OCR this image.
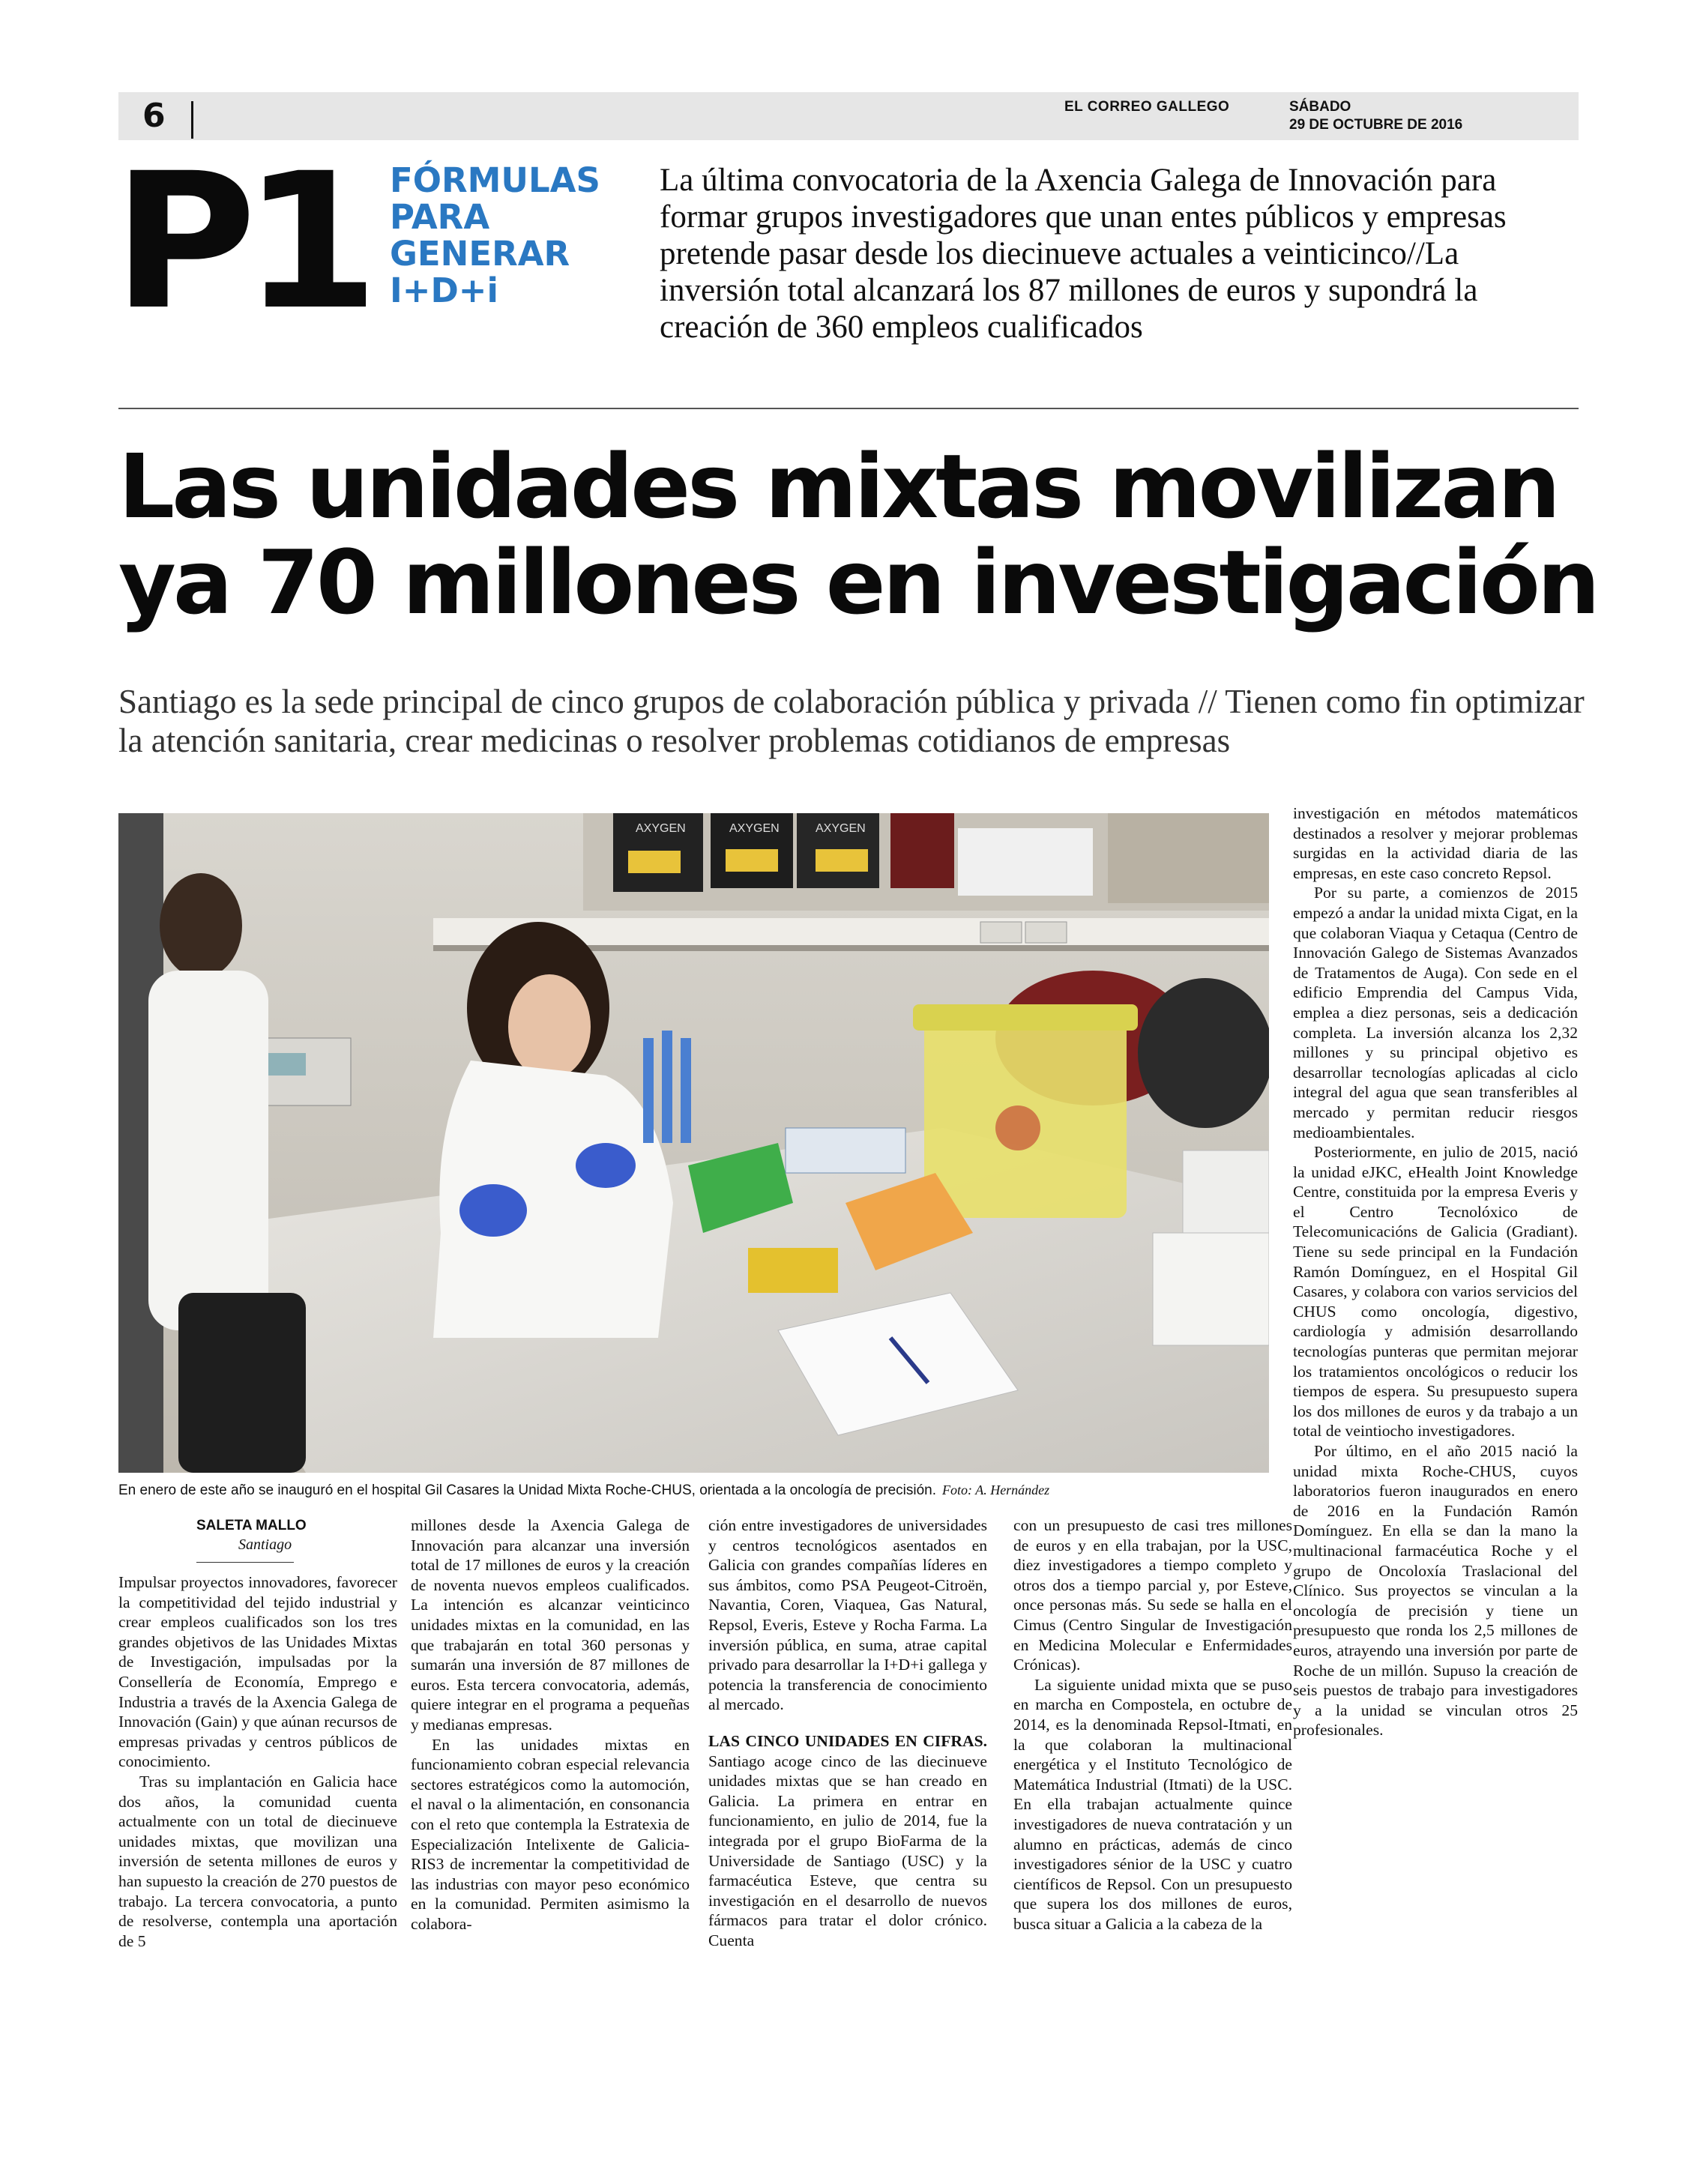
6	EL CORREO GALLEGO	SÁBADO
29 DE OCTUBRE DE 2016
P1 FÓRMULAS
PARA
GENERAR
I+D+i
La última convocatoria de la Axencia Galega de Innovación para formar grupos investigadores que unan entes públicos y empresas pretende pasar desde los diecinueve actuales a veinticinco//La inversión total alcanzará los 87 millones de euros y supondrá la creación de 360 empleos cualificados
Las unidades mixtas movilizan
ya 70 millones en investigación
Santiago es la sede principal de cinco grupos de colaboración pública y privada // Tienen como fin optimizar la atención sanitaria, crear medicinas o resolver problemas cotidianos de empresas
AXYGEN	AXYGEN	AXYGEN
En enero de este año se inauguró en el hospital Gil Casares la Unidad Mixta Roche-CHUS, orientada a la oncología de precisión. Foto: A. Hernández
SALETA MALLO
Santiago

Impulsar proyectos innovadores, favorecer la competitividad del tejido industrial y crear empleos cualificados son los tres grandes objetivos de las Unidades Mixtas de Investigación, impulsadas por la Consellería de Economía, Emprego e Industria a través de la Axencia Galega de Innovación (Gain) y que aúnan recursos de empresas privadas y centros públicos de conocimiento.

Tras su implantación en Galicia hace dos años, la comunidad cuenta actualmente con un total de diecinueve unidades mixtas, que movilizan una inversión de setenta millones de euros y han supuesto la creación de 270 puestos de trabajo. La tercera convocatoria, a punto de resolverse, contempla una aportación de 5

millones desde la Axencia Galega de Innovación para alcanzar una inversión total de 17 millones de euros y la creación de noventa nuevos empleos cualificados. La intención es alcanzar veinticinco unidades mixtas en la comunidad, en las que trabajarán en total 360 personas y sumarán una inversión de 87 millones de euros. Esta tercera convocatoria, además, quiere integrar en el programa a pequeñas y medianas empresas.

En las unidades mixtas en funcionamiento cobran especial relevancia sectores estratégicos como la automoción, el naval o la alimentación, en consonancia con el reto que contempla la Estratexia de Especialización Intelixente de Galicia-RIS3 de incrementar la competitividad de las industrias con mayor peso económico en la comunidad. Permiten asimismo la colabora-

ción entre investigadores de universidades y centros tecnológicos asentados en Galicia con grandes compañías líderes en sus ámbitos, como PSA Peugeot-Citroën, Navantia, Coren, Viaquea, Gas Natural, Repsol, Everis, Esteve y Rocha Farma. La inversión pública, en suma, atrae capital privado para desarrollar la I+D+i gallega y potencia la transferencia de conocimiento al mercado.

LAS CINCO UNIDADES EN CIFRAS. Santiago acoge cinco de las diecinueve unidades mixtas que se han creado en Galicia. La primera en entrar en funcionamiento, en julio de 2014, fue la integrada por el grupo BioFarma de la Universidade de Santiago (USC) y la farmacéutica Esteve, que centra su investigación en el desarrollo de nuevos fármacos para tratar el dolor crónico. Cuenta

con un presupuesto de casi tres millones de euros y en ella trabajan, por la USC, diez investigadores a tiempo completo y otros dos a tiempo parcial y, por Esteve, once personas más. Su sede se halla en el Cimus (Centro Singular de Investigación en Medicina Molecular e Enfermidades Crónicas).

La siguiente unidad mixta que se puso en marcha en Compostela, en octubre de 2014, es la denominada Repsol-Itmati, en la que colaboran la multinacional energética y el Instituto Tecnológico de Matemática Industrial (Itmati) de la USC. En ella trabajan actualmente quince investigadores de nueva contratación y un alumno en prácticas, además de cinco investigadores sénior de la USC y cuatro científicos de Repsol. Con un presupuesto que supera los dos millones de euros, busca situar a Galicia a la cabeza de la

investigación en métodos matemáticos destinados a resolver y mejorar problemas surgidas en la actividad diaria de las empresas, en este caso concreto Repsol.

Por su parte, a comienzos de 2015 empezó a andar la unidad mixta Cigat, en la que colaboran Viaqua y Cetaqua (Centro de Innovación Galego de Sistemas Avanzados de Tratamentos de Auga). Con sede en el edificio Emprendia del Campus Vida, emplea a diez personas, seis a dedicación completa. La inversión alcanza los 2,32 millones y su principal objetivo es desarrollar tecnologías aplicadas al ciclo integral del agua que sean transferibles al mercado y permitan reducir riesgos medioambientales.

Posteriormente, en julio de 2015, nació la unidad eJKC, eHealth Joint Knowledge Centre, constituida por la empresa Everis y el Centro Tecnolóxico de Telecomunicacións de Galicia (Gradiant). Tiene su sede principal en la Fundación Ramón Domínguez, en el Hospital Gil Casares, y colabora con varios servicios del CHUS como oncología, digestivo, cardiología y admisión desarrollando tecnologías punteras que permitan mejorar los tratamientos oncológicos o reducir los tiempos de espera. Su presupuesto supera los dos millones de euros y da trabajo a un total de veintiocho investigadores.

Por último, en el año 2015 nació la unidad mixta Roche-CHUS, cuyos laboratorios fueron inaugurados en enero de 2016 en la Fundación Ramón Domínguez. En ella se dan la mano la multinacional farmacéutica Roche y el grupo de Oncoloxía Traslacional del Clínico. Sus proyectos se vinculan a la oncología de precisión y tiene un presupuesto que ronda los 2,5 millones de euros, atrayendo una inversión por parte de Roche de un millón. Supuso la creación de seis puestos de trabajo para investigadores y a la unidad se vinculan otros 25 profesionales.
